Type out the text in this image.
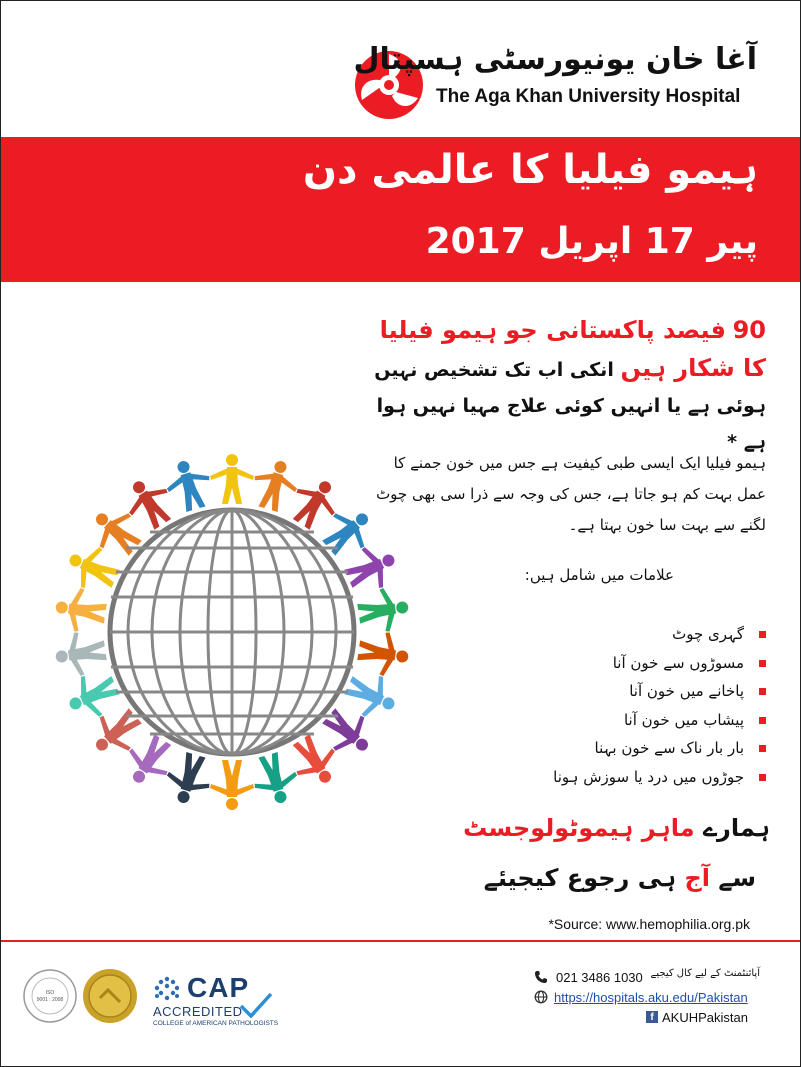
آغا خان یونیورسٹی ہسپتال
The Aga Khan University Hospital
ہیمو فیلیا کا عالمی دن
پیر 17 اپریل 2017
90 فیصد پاکستانی جو ہیمو فیلیا کا شکار ہیں انکی اب تک تشخیص نہیں ہوئی ہے یا انہیں کوئی علاج مہیا نہیں ہوا ہے *
ہیمو فیلیا ایک ایسی طبی کیفیت ہے جس میں خون جمنے کا عمل بہت کم ہو جاتا ہے، جس کی وجہ سے ذرا سی بھی چوٹ لگنے سے بہت سا خون بہتا ہے۔
علامات میں شامل ہیں:
گہری چوٹ
مسوڑوں سے خون آنا
پاخانے میں خون آنا
پیشاب میں خون آنا
بار بار ناک سے خون بہنا
جوڑوں میں درد یا سوزش ہونا
ہمارے ماہر ہیموٹولوجسٹ
سے آج ہی رجوع کیجیئے
*Source: www.hemophilia.org.pk
ISO
9001 : 2008	CAP
ACCREDITED
COLLEGE of AMERICAN PATHOLOGISTS
021 3486 1030 آپائنٹمنٹ کے لیے کال کیجیے
https://hospitals.aku.edu/Pakistan
f AKUHPakistan
